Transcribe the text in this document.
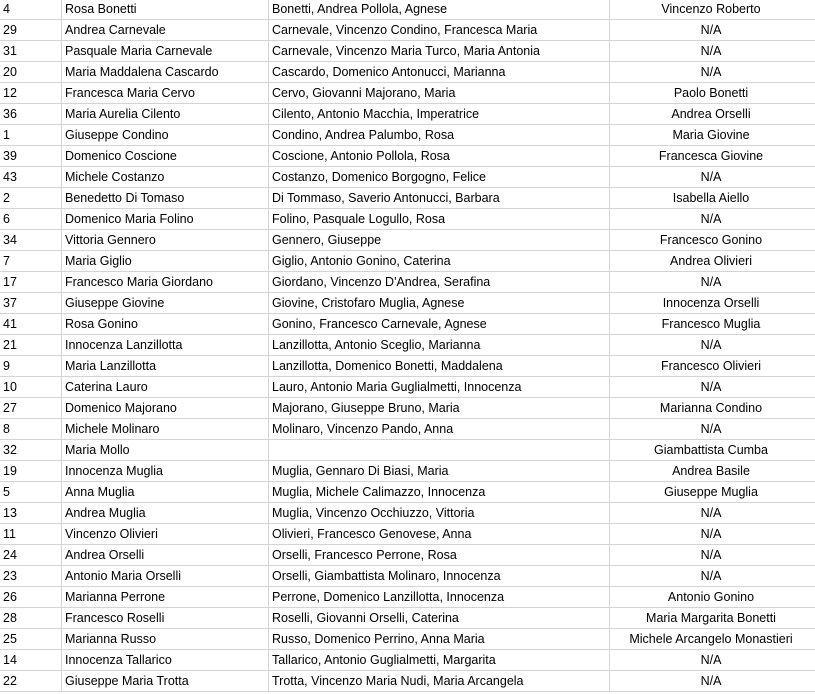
4	Rosa Bonetti	Bonetti, Andrea Pollola, Agnese	Vincenzo Roberto	
29	Andrea Carnevale	Carnevale, Vincenzo Condino, Francesca Maria	N/A	
31	Pasquale Maria Carnevale	Carnevale, Vincenzo Maria Turco, Maria Antonia	N/A	
20	Maria Maddalena Cascardo	Cascardo, Domenico Antonucci, Marianna	N/A	
12	Francesca Maria Cervo	Cervo, Giovanni Majorano, Maria	Paolo Bonetti	
36	Maria Aurelia Cilento	Cilento, Antonio Macchia, Imperatrice	Andrea Orselli	
1	Giuseppe Condino	Condino, Andrea Palumbo, Rosa	Maria Giovine	
39	Domenico Coscione	Coscione, Antonio Pollola, Rosa	Francesca Giovine	
43	Michele Costanzo	Costanzo, Domenico Borgogno, Felice	N/A	
2	Benedetto Di Tomaso	Di Tommaso, Saverio Antonucci, Barbara	Isabella Aiello	
6	Domenico Maria Folino	Folino, Pasquale Logullo, Rosa	N/A	
34	Vittoria Gennero	Gennero, Giuseppe	Francesco Gonino	
7	Maria Giglio	Giglio, Antonio Gonino, Caterina	Andrea Olivieri	
17	Francesco Maria Giordano	Giordano, Vincenzo D'Andrea, Serafina	N/A	
37	Giuseppe Giovine	Giovine, Cristofaro Muglia, Agnese	Innocenza Orselli	
41	Rosa Gonino	Gonino, Francesco Carnevale, Agnese	Francesco Muglia	
21	Innocenza Lanzillotta	Lanzillotta, Antonio Sceglio, Marianna	N/A	
9	Maria Lanzillotta	Lanzillotta, Domenico Bonetti, Maddalena	Francesco Olivieri	
10	Caterina Lauro	Lauro, Antonio Maria Guglialmetti, Innocenza	N/A	
27	Domenico Majorano	Majorano, Giuseppe Bruno, Maria	Marianna Condino	
8	Michele Molinaro	Molinaro, Vincenzo Pando, Anna	N/A	
32	Maria Mollo		Giambattista Cumba	
19	Innocenza Muglia	Muglia, Gennaro Di Biasi, Maria	Andrea Basile	
5	Anna Muglia	Muglia, Michele Calimazzo, Innocenza	Giuseppe Muglia	
13	Andrea Muglia	Muglia, Vincenzo Occhiuzzo, Vittoria	N/A	
11	Vincenzo Olivieri	Olivieri, Francesco Genovese, Anna	N/A	
24	Andrea Orselli	Orselli, Francesco Perrone, Rosa	N/A	
23	Antonio Maria Orselli	Orselli, Giambattista Molinaro, Innocenza	N/A	
26	Marianna Perrone	Perrone, Domenico Lanzillotta, Innocenza	Antonio Gonino	
28	Francesco Roselli	Roselli, Giovanni Orselli, Caterina	Maria Margarita Bonetti	
25	Marianna Russo	Russo, Domenico Perrino, Anna Maria	Michele Arcangelo Monastieri	
14	Innocenza Tallarico	Tallarico, Antonio Guglialmetti, Margarita	N/A	
22	Giuseppe Maria Trotta	Trotta, Vincenzo Maria Nudi, Maria Arcangela	N/A	
